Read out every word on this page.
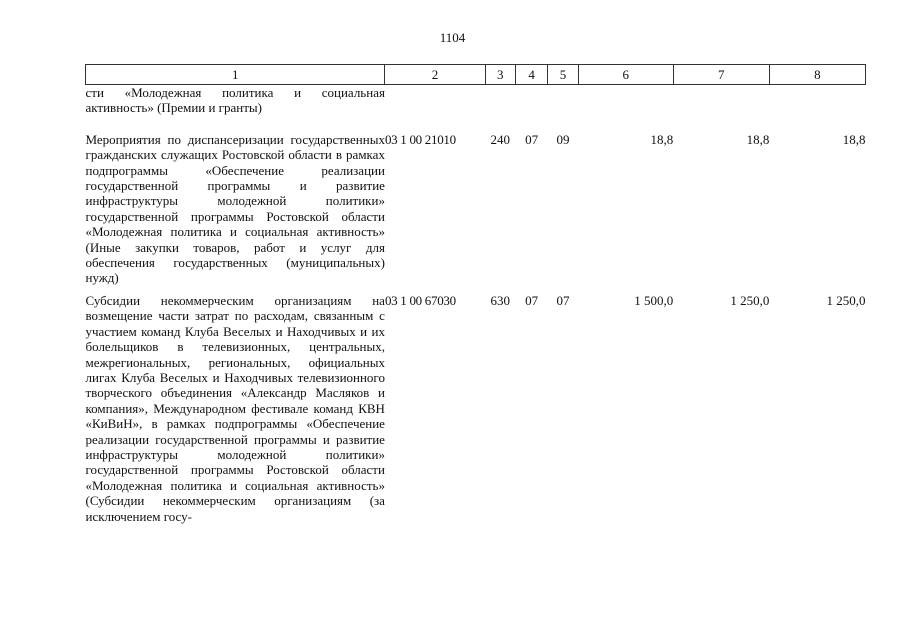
1104
1	2	3	4	5	6	7	8
сти «Молодежная политика и социальная активность» (Премии и гранты)							
Мероприятия по диспансеризации государственных гражданских служащих Ростовской области в рамках подпрограммы «Обеспечение реализации государственной программы и развитие инфраструктуры молодежной политики» государственной программы Ростовской области «Молодежная политика и социальная активность» (Иные закупки товаров, работ и услуг для обеспечения государственных (муниципальных) нужд)	03 1 00 21010	240	07	09	18,8	18,8	18,8
Субсидии некоммерческим организациям на возмещение части затрат по расходам, связанным с участием команд Клуба Веселых и Находчивых и их болельщиков в телевизионных, центральных, межрегиональных, региональных, официальных лигах Клуба Веселых и Находчивых телевизионного творческого объединения «Александр Масляков и компания», Международном фестивале команд КВН «КиВиН», в рамках подпрограммы «Обеспечение реализации государственной программы и развитие инфраструктуры молодежной политики» государственной программы Ростовской области «Молодежная политика и социальная активность» (Субсидии некоммерческим организациям (за исключением госу-	03 1 00 67030	630	07	07	1 500,0	1 250,0	1 250,0
